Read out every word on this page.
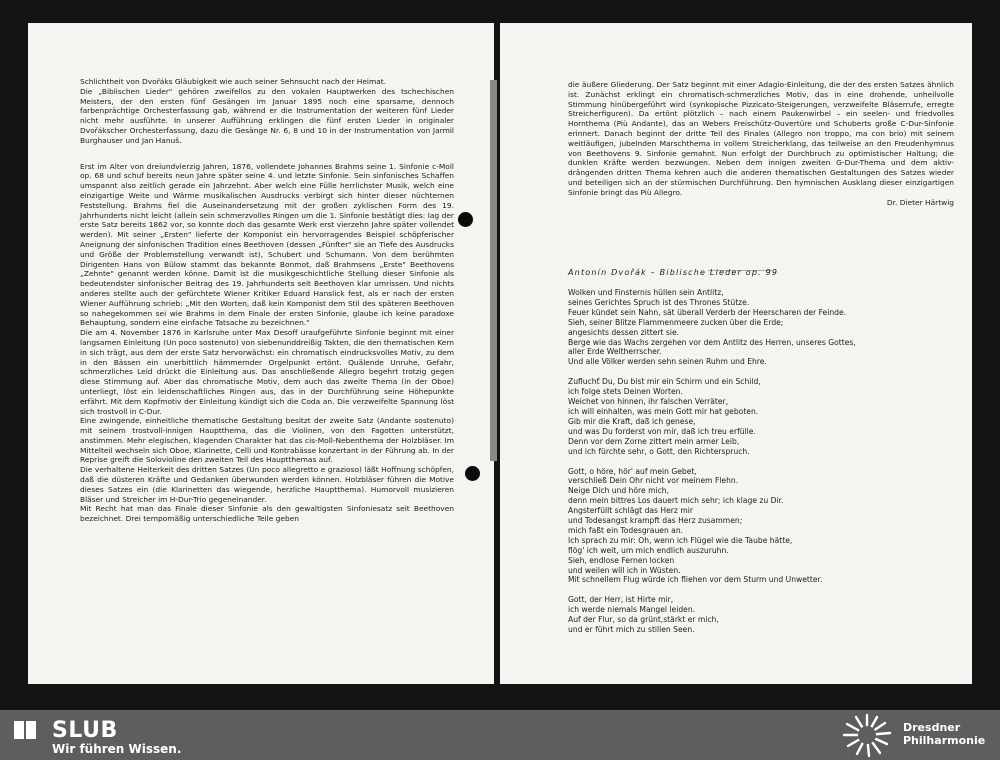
Schlichtheit von Dvořáks Gläubigkeit wie auch seiner Sehnsucht nach der Heimat.

Die „Biblischen Lieder" gehören zweifellos zu den vokalen Hauptwerken des tschechischen Meisters, der den ersten fünf Gesängen im Januar 1895 noch eine sparsame, dennoch farbenprächtige Orchesterfassung gab, während er die Instrumentation der weiteren fünf Lieder nicht mehr ausführte. In unserer Aufführung erklingen die fünf ersten Lieder in originaler Dvořákscher Orchesterfassung, dazu die Gesänge Nr. 6, 8 und 10 in der Instrumentation von Jarmil Burghauser und Jan Hanuš.

Erst im Alter von dreiundvierzig Jahren, 1876, vollendete Johannes Brahms seine 1. Sinfonie c-Moll op. 68 und schuf bereits neun Jahre später seine 4. und letzte Sinfonie. Sein sinfonisches Schaffen umspannt also zeitlich gerade ein Jahrzehnt. Aber welch eine Fülle herrlichster Musik, welch eine einzigartige Weite und Wärme musikalischen Ausdrucks verbirgt sich hinter dieser nüchternen Feststellung. Brahms fiel die Auseinandersetzung mit der großen zyklischen Form des 19. Jahrhunderts nicht leicht (allein sein schmerzvolles Ringen um die 1. Sinfonie bestätigt dies: lag der erste Satz bereits 1862 vor, so konnte doch das gesamte Werk erst vierzehn Jahre später vollendet werden). Mit seiner „Ersten" lieferte der Komponist ein hervorragendes Beispiel schöpferischer Aneignung der sinfonischen Tradition eines Beethoven (dessen „Fünfter" sie an Tiefe des Ausdrucks und Größe der Problemstellung verwandt ist), Schubert und Schumann. Von dem berühmten Dirigenten Hans von Bülow stammt das bekannte Bonmot, daß Brahmsens „Erste" Beethovens „Zehnte" genannt werden könne. Damit ist die musikgeschichtliche Stellung dieser Sinfonie als bedeutendster sinfonischer Beitrag des 19. Jahrhunderts seit Beethoven klar umrissen. Und nichts anderes stellte auch der gefürchtete Wiener Kritiker Eduard Hanslick fest, als er nach der ersten Wiener Aufführung schrieb: „Mit den Worten, daß kein Komponist dem Stil des späteren Beethoven so nahegekommen sei wie Brahms in dem Finale der ersten Sinfonie, glaube ich keine paradoxe Behauptung, sondern eine einfache Tatsache zu bezeichnen."

Die am 4. November 1876 in Karlsruhe unter Max Desoff uraufgeführte Sinfonie beginnt mit einer langsamen Einleitung (Un poco sostenuto) von siebenunddreißig Takten, die den thematischen Kern in sich trägt, aus dem der erste Satz hervorwächst: ein chromatisch eindrucksvolles Motiv, zu dem in den Bässen ein unerbittlich hämmernder Orgelpunkt ertönt. Quälende Unruhe, Gefahr, schmerzliches Leid drückt die Einleitung aus. Das anschließende Allegro begehrt trotzig gegen diese Stimmung auf. Aber das chromatische Motiv, dem auch das zweite Thema (in der Oboe) unterliegt, löst ein leidenschaftliches Ringen aus, das in der Durchführung seine Höhepunkte erfährt. Mit dem Kopfmotiv der Einleitung kündigt sich die Coda an. Die verzweifelte Spannung löst sich trostvoll in C-Dur.

Eine zwingende, einheitliche thematische Gestaltung besitzt der zweite Satz (Andante sostenuto) mit seinem trostvoll-innigen Hauptthema, das die Violinen, von den Fagotten unterstützt, anstimmen. Mehr elegischen, klagenden Charakter hat das cis-Moll-Nebenthema der Holzbläser. Im Mittelteil wechseln sich Oboe, Klarinette, Celli und Kontrabässe konzertant in der Führung ab. In der Reprise greift die Solovioline den zweiten Teil des Hauptthemas auf.

Die verhaltene Heiterkeit des dritten Satzes (Un poco allegretto e grazioso) läßt Hoffnung schöpfen, daß die düsteren Kräfte und Gedanken überwunden werden können. Holzbläser führen die Motive dieses Satzes ein (die Klarinetten das wiegende, herzliche Hauptthema). Humorvoll musizieren Bläser und Streicher im H-Dur-Trio gegeneinander.

Mit Recht hat man das Finale dieser Sinfonie als den gewaltigsten Sinfoniesatz seit Beethoven bezeichnet. Drei tempomäßig unterschiedliche Teile geben

die äußere Gliederung. Der Satz beginnt mit einer Adagio-Einleitung, die der des ersten Satzes ähnlich ist. Zunächst erklingt ein chromatisch-schmerzliches Motiv, das in eine drohende, unheilvolle Stimmung hinübergeführt wird (synkopische Pizzicato-Steigerungen, verzweifelte Bläserrufe, erregte Streicherfiguren). Da ertönt plötzlich – nach einem Paukenwirbel – ein seelen- und friedvolles Hornthema (Più Andante), das an Webers Freischütz-Ouvertüre und Schuberts große C-Dur-Sinfonie erinnert. Danach beginnt der dritte Teil des Finales (Allegro non troppo, ma con brio) mit seinem weitläufigen, jubelnden Marschthema in vollem Streicherklang, das teilweise an den Freudenhymnus von Beethovens 9. Sinfonie gemahnt. Nun erfolgt der Durchbruch zu optimistischer Haltung; die dunklen Kräfte werden bezwungen. Neben dem innigen zweiten G-Dur-Thema und dem aktiv-drängenden dritten Thema kehren auch die anderen thematischen Gestaltungen des Satzes wieder und beteiligen sich an der stürmischen Durchführung. Den hymnischen Ausklang dieser einzigartigen Sinfonie bringt das Più Allegro.

Dr. Dieter Härtwig

Antonín Dvořák – Biblische Lieder op. 99
Wolken und Finsternis hüllen sein Antlitz,
seines Gerichtes Spruch ist des Thrones Stütze.
Feuer kündet sein Nahn, sät überall Verderb der Heerscharen der Feinde.
Sieh, seiner Blitze Flammenmeere zucken über die Erde;
angesichts dessen zittert sie.
Berge wie das Wachs zergehen vor dem Antlitz des Herren, unseres Gottes,
aller Erde Weltherrscher.
Und alle Völker werden sehn seinen Ruhm und Ehre.
Zufluchť Du, Du bist mir ein Schirm und ein Schild,
ich folge stets Deinen Worten.
Weichet von hinnen, ihr falschen Verräter,
ich will einhalten, was mein Gott mir hat geboten.
Gib mir die Kraft, daß ich genese,
und was Du forderst von mir, daß ich treu erfülle.
Denn vor dem Zorne zittert mein armer Leib,
und ich fürchte sehr, o Gott, den Richterspruch.
Gott, o höre, hör' auf mein Gebet,
verschließ Dein Ohr nicht vor meinem Flehn.
Neige Dich und höre mich,
denn mein bittres Los dauert mich sehr; ich klage zu Dir.
Angsterfüllt schlägt das Herz mir
und Todesangst krampft das Herz zusammen;
mich faßt ein Todesgrauen an.
Ich sprach zu mir: Oh, wenn ich Flügel wie die Taube hätte,
flög' ich weit, um mich endlich auszuruhn.
Sieh, endlose Fernen locken
und weilen will ich in Wüsten.
Mit schnellem Flug würde ich fliehen vor dem Sturm und Unwetter.
Gott, der Herr, ist Hirte mir,
ich werde niemals Mangel leiden.
Auf der Flur, so da grünt,stärkt er mich,
und er führt mich zu stillen Seen.
SLUB
Wir führen Wissen.
Dresdner
Philharmonie
